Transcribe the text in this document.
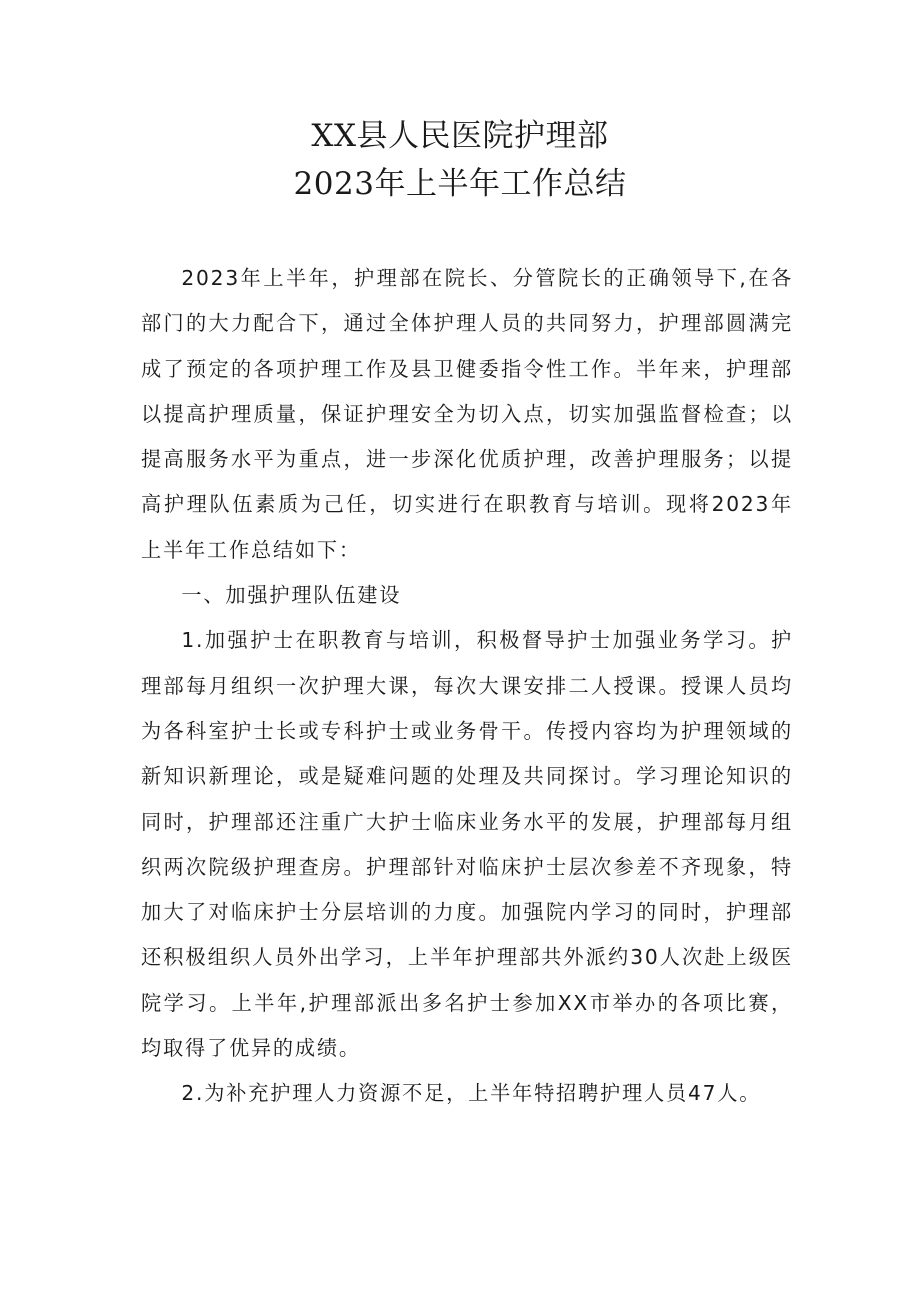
XX县人民医院护理部
2023年上半年工作总结

2023年上半年，护理部在院长、分管院长的正确领导下,在各部门的大力配合下，通过全体护理人员的共同努力，护理部圆满完成了预定的各项护理工作及县卫健委指令性工作。半年来，护理部以提高护理质量，保证护理安全为切入点，切实加强监督检查；以提高服务水平为重点，进一步深化优质护理，改善护理服务；以提高护理队伍素质为己任，切实进行在职教育与培训。现将2023年上半年工作总结如下：

一、加强护理队伍建设

1.加强护士在职教育与培训，积极督导护士加强业务学习。护理部每月组织一次护理大课，每次大课安排二人授课。授课人员均为各科室护士长或专科护士或业务骨干。传授内容均为护理领域的新知识新理论，或是疑难问题的处理及共同探讨。学习理论知识的同时，护理部还注重广大护士临床业务水平的发展，护理部每月组织两次院级护理查房。护理部针对临床护士层次参差不齐现象，特加大了对临床护士分层培训的力度。加强院内学习的同时，护理部还积极组织人员外出学习，上半年护理部共外派约30人次赴上级医院学习。上半年,护理部派出多名护士参加XX市举办的各项比赛，均取得了优异的成绩。

2.为补充护理人力资源不足，上半年特招聘护理人员47人。
